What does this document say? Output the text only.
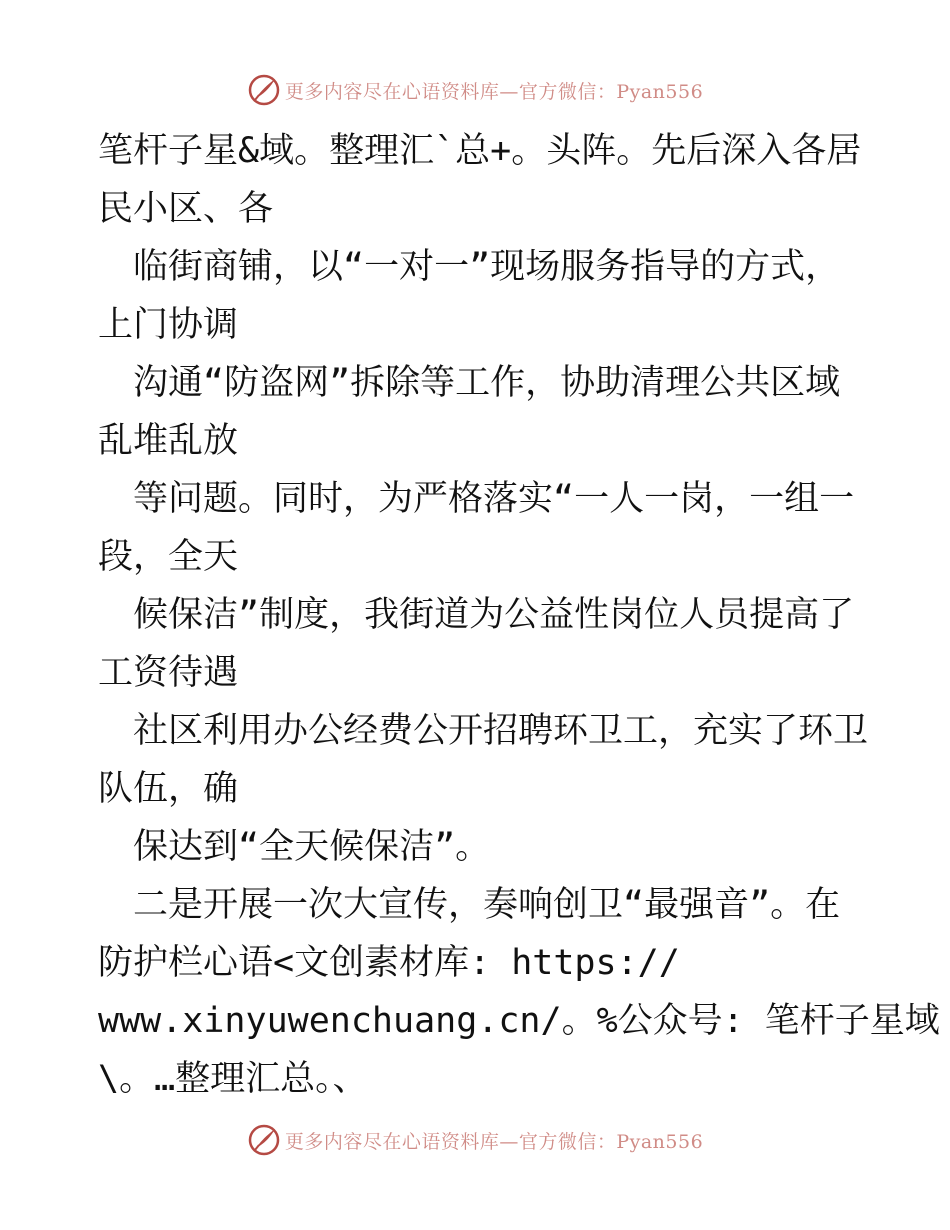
更多内容尽在心语资料库—官方微信：Pyan556
笔杆子星&域。整理汇`总+。头阵。先后深入各居
民小区、各
　临街商铺，以“一对一”现场服务指导的方式，
上门协调
　沟通“防盗网”拆除等工作，协助清理公共区域
乱堆乱放
　等问题。同时，为严格落实“一人一岗，一组一
段，全天
　候保洁”制度，我街道为公益性岗位人员提高了
工资待遇
　社区利用办公经费公开招聘环卫工，充实了环卫
队伍，确
　保达到“全天候保洁”。
　二是开展一次大宣传，奏响创卫“最强音”。在
防护栏心语<文创素材库: https://
www.xinyuwenchuang.cn/。%公众号: 笔杆子星域
\。…整理汇总。、
更多内容尽在心语资料库—官方微信：Pyan556
